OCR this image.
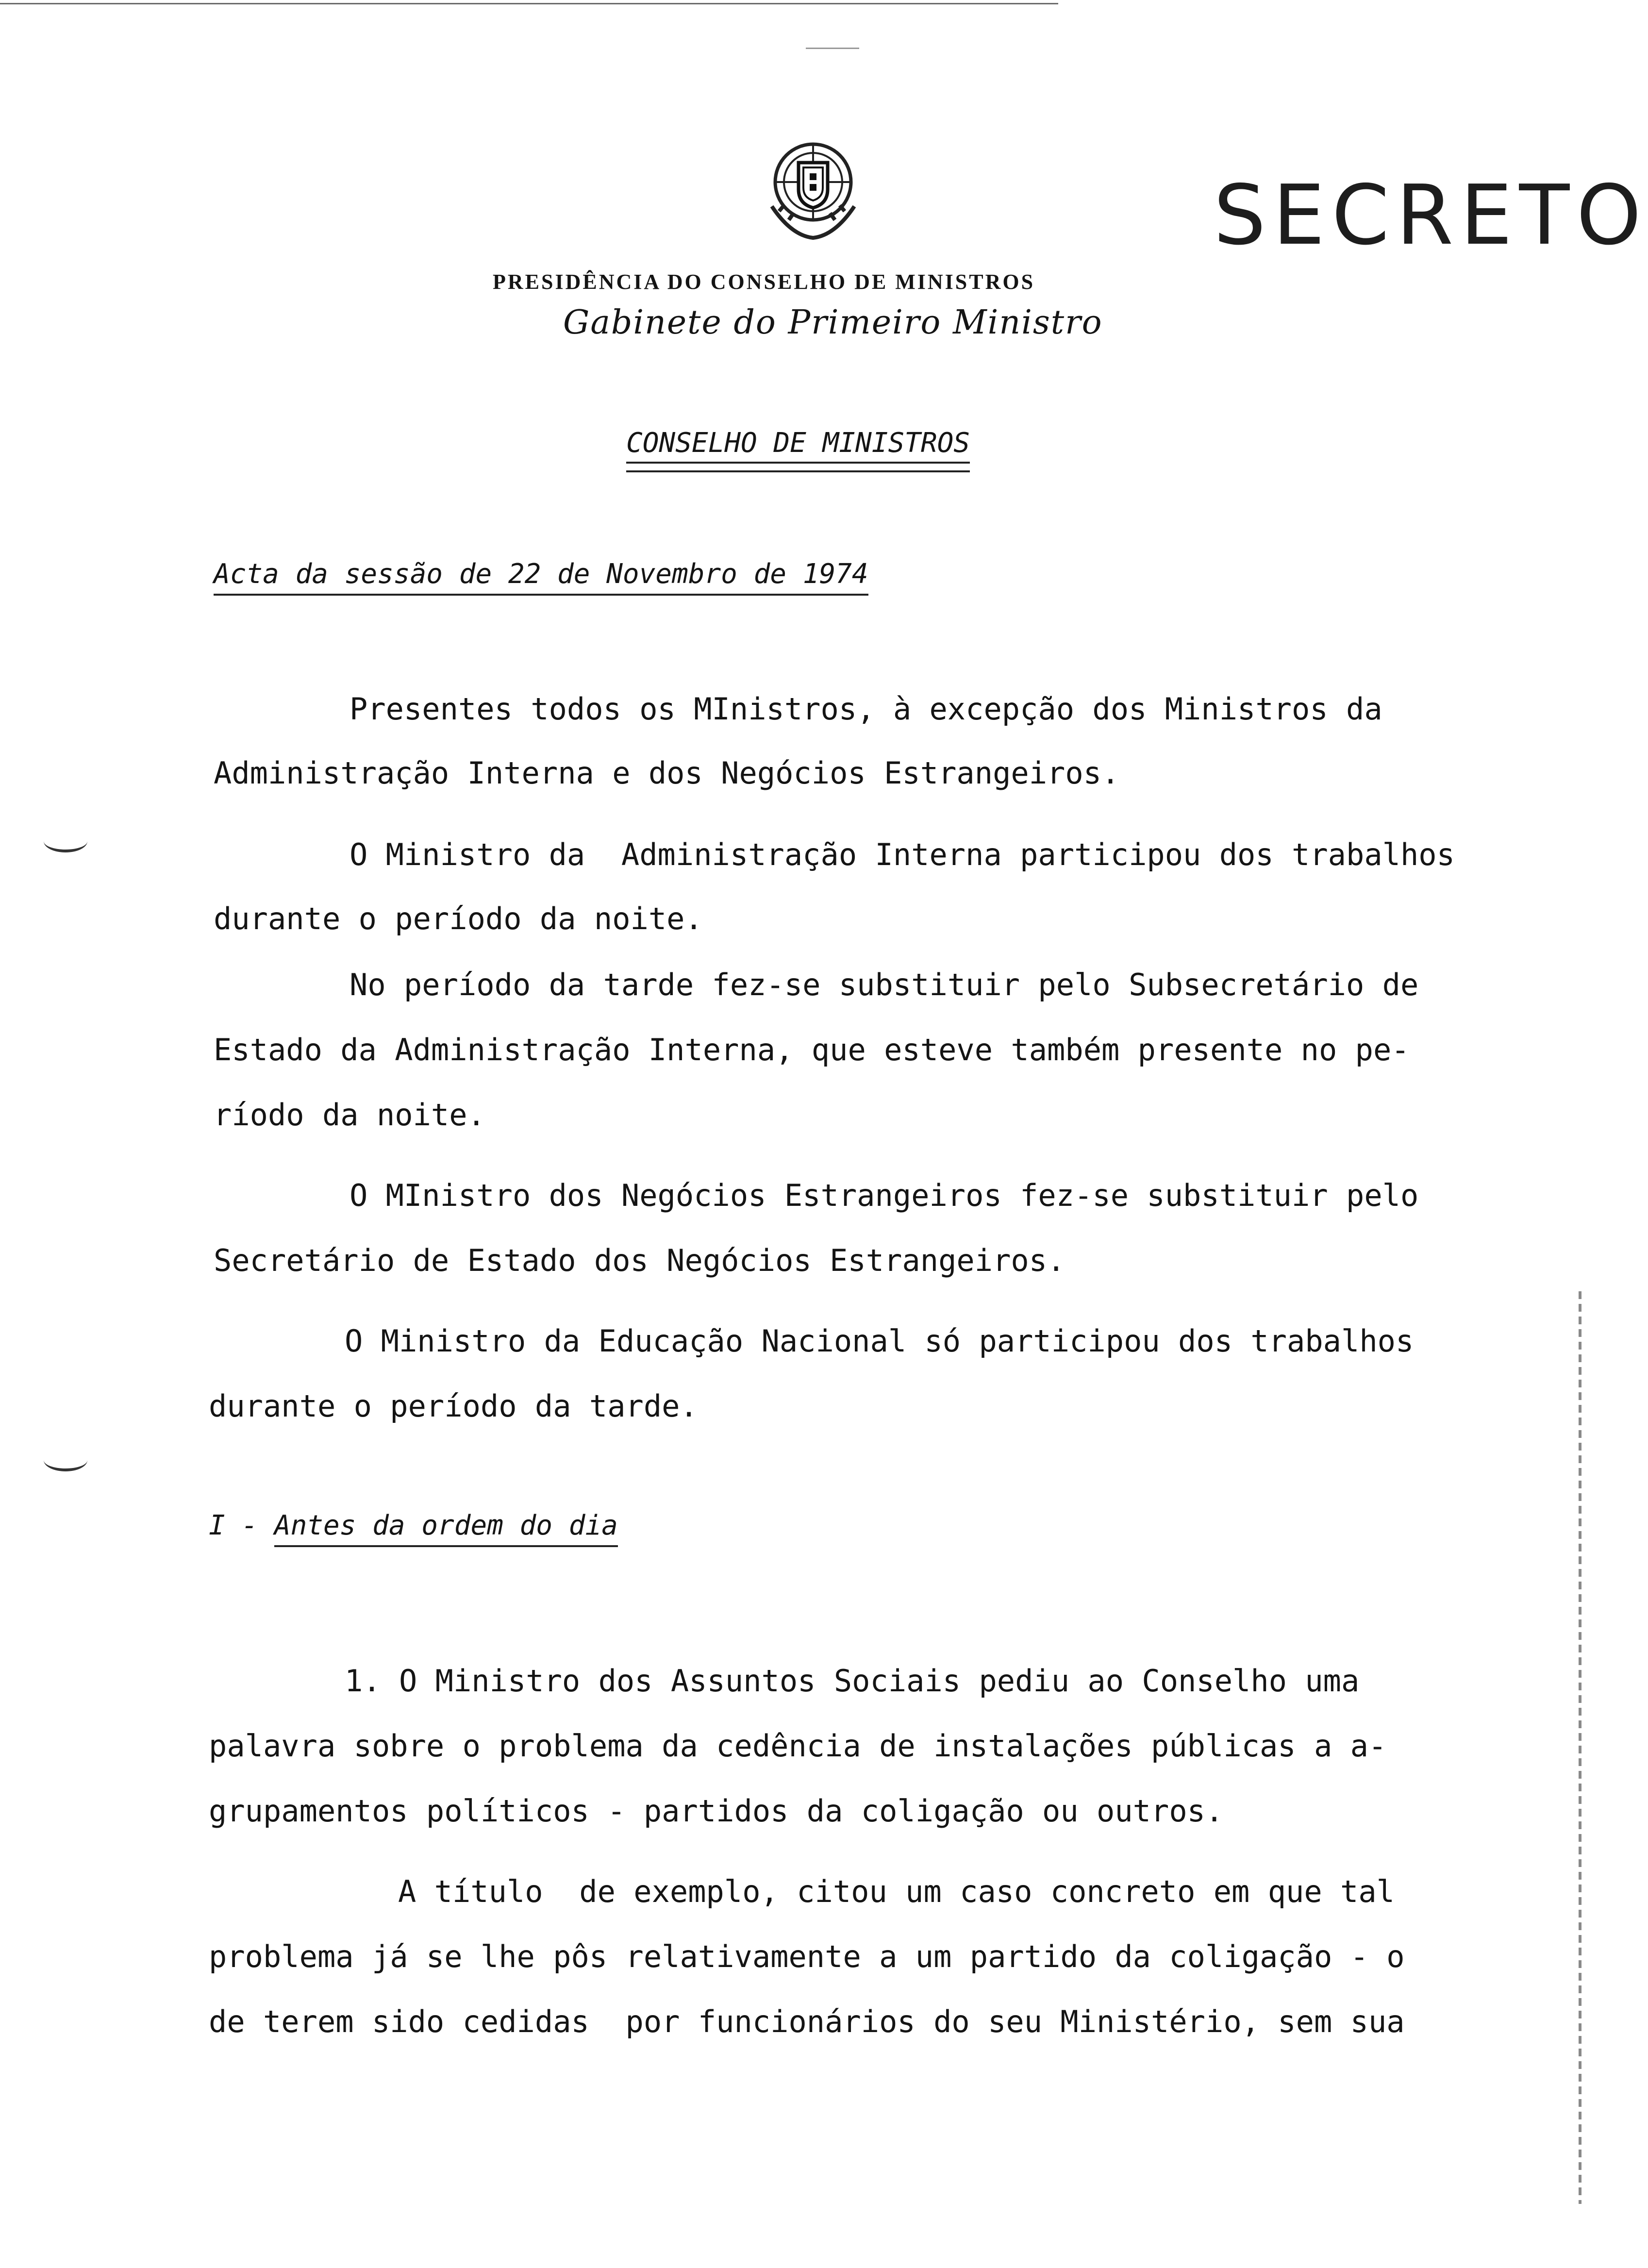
SECRETO
PRESIDÊNCIA DO CONSELHO DE MINISTROS
Gabinete do Primeiro Ministro
CONSELHO DE MINISTROS
Acta da sessão de 22 de Novembro de 1974
Presentes todos os MInistros, à excepção dos Ministros da
Administração Interna e dos Negócios Estrangeiros.
O Ministro da  Administração Interna participou dos trabalhos
durante o período da noite.
No período da tarde fez-se substituir pelo Subsecretário de
Estado da Administração Interna, que esteve também presente no pe-
ríodo da noite.
O MInistro dos Negócios Estrangeiros fez-se substituir pelo
Secretário de Estado dos Negócios Estrangeiros.
O Ministro da Educação Nacional só participou dos trabalhos
durante o período da tarde.
I - Antes da ordem do dia
1. O Ministro dos Assuntos Sociais pediu ao Conselho uma
palavra sobre o problema da cedência de instalações públicas a a-
grupamentos políticos - partidos da coligação ou outros.
A título  de exemplo, citou um caso concreto em que tal
problema já se lhe pôs relativamente a um partido da coligação - o
de terem sido cedidas  por funcionários do seu Ministério, sem sua
